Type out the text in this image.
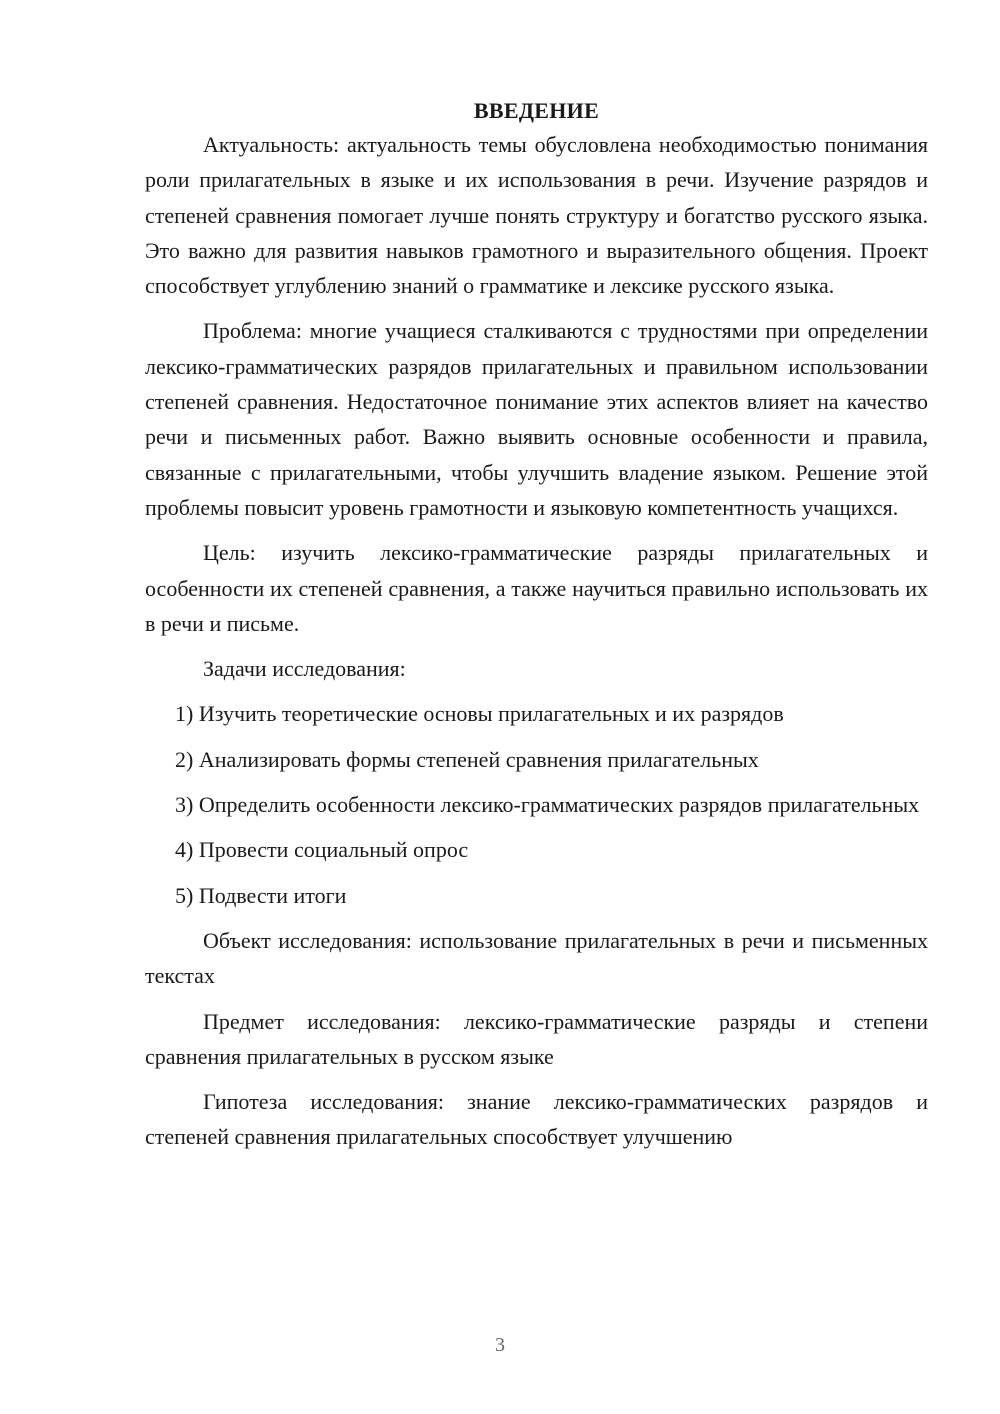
ВВЕДЕНИЕ

Актуальность: актуальность темы обусловлена необходимостью понимания роли прилагательных в языке и их использования в речи. Изучение разрядов и степеней сравнения помогает лучше понять структуру и богатство русского языка. Это важно для развития навыков грамотного и выразительного общения. Проект способствует углублению знаний о грамматике и лексике русского языка.

Проблема: многие учащиеся сталкиваются с трудностями при определении лексико-грамматических разрядов прилагательных и правильном использовании степеней сравнения. Недостаточное понимание этих аспектов влияет на качество речи и письменных работ. Важно выявить основные особенности и правила, связанные с прилагательными, чтобы улучшить владение языком. Решение этой проблемы повысит уровень грамотности и языковую компетентность учащихся.

Цель: изучить лексико-грамматические разряды прилагательных и особенности их степеней сравнения, а также научиться правильно использовать их в речи и письме.

Задачи исследования:

1) Изучить теоретические основы прилагательных и их разрядов

2) Анализировать формы степеней сравнения прилагательных

3) Определить особенности лексико-грамматических разрядов прилагательных

4) Провести социальный опрос

5) Подвести итоги

Объект исследования: использование прилагательных в речи и письменных текстах

Предмет исследования: лексико-грамматические разряды и степени сравнения прилагательных в русском языке

Гипотеза исследования: знание лексико-грамматических разрядов и степеней сравнения прилагательных способствует улучшению

3
